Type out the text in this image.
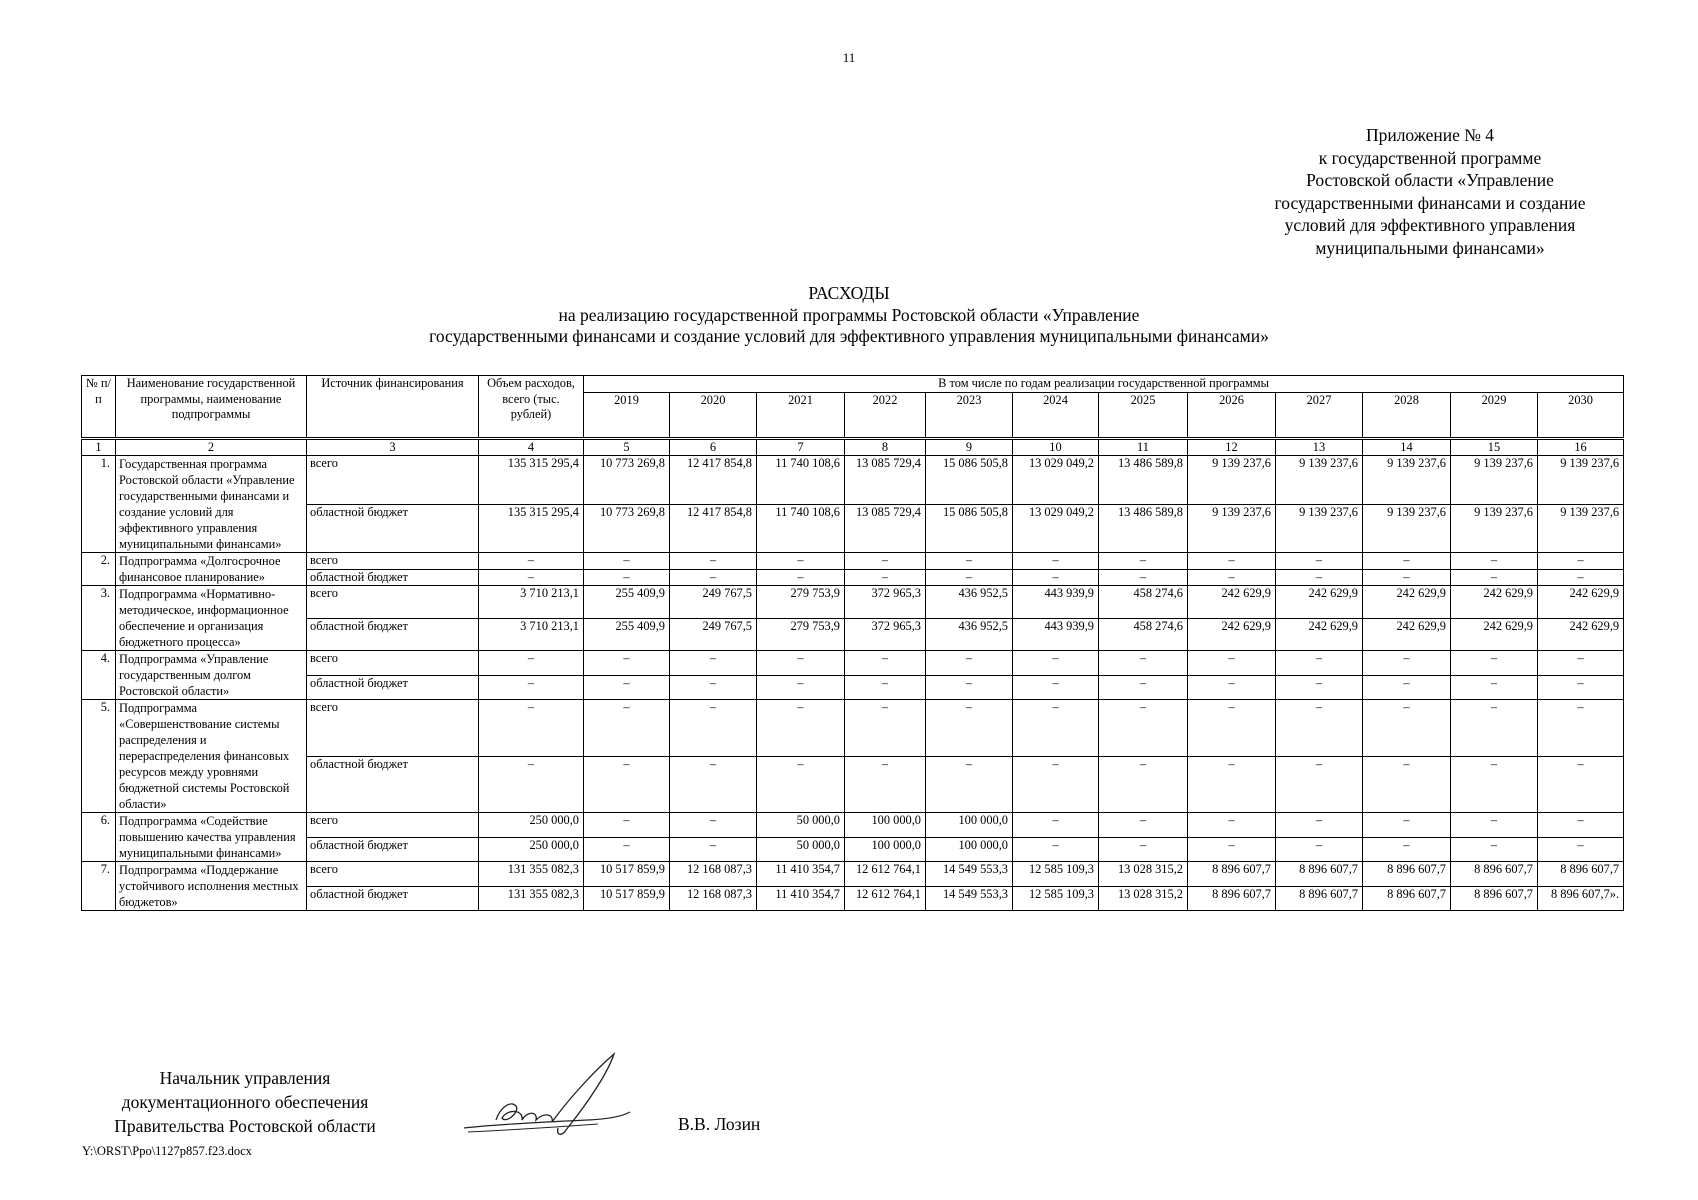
11
Приложение № 4
к государственной программе
Ростовской области «Управление
государственными финансами и создание
условий для эффективного управления
муниципальными финансами»
РАСХОДЫ
на реализацию государственной программы Ростовской области «Управление
государственными финансами и создание условий для эффективного управления муниципальными финансами»
№ п/п	Наименование государственной программы, наименование подпрограммы	Источник финансирования	Объем расходов, всего (тыс. рублей)	В том числе по годам реализации государственной программы											
				2019	2020	2021	2022	2023	2024	2025	2026	2027	2028	2029	2030
1	2	3	4	5	6	7	8	9	10	11	12	13	14	15	16
1.	Государственная программа Ростовской области «Управление государственными финансами и создание условий для эффективного управления муниципальными финансами»	всего	135 315 295,4	10 773 269,8	12 417 854,8	11 740 108,6	13 085 729,4	15 086 505,8	13 029 049,2	13 486 589,8	9 139 237,6	9 139 237,6	9 139 237,6	9 139 237,6	9 139 237,6
		областной бюджет	135 315 295,4	10 773 269,8	12 417 854,8	11 740 108,6	13 085 729,4	15 086 505,8	13 029 049,2	13 486 589,8	9 139 237,6	9 139 237,6	9 139 237,6	9 139 237,6	9 139 237,6
2.	Подпрограмма «Долгосрочное финансовое планирование»	всего	–	–	–	–	–	–	–	–	–	–	–	–	–
		областной бюджет	–	–	–	–	–	–	–	–	–	–	–	–	–
3.	Подпрограмма «Нормативно-методическое, информационное обеспечение и организация бюджетного процесса»	всего	3 710 213,1	255 409,9	249 767,5	279 753,9	372 965,3	436 952,5	443 939,9	458 274,6	242 629,9	242 629,9	242 629,9	242 629,9	242 629,9
		областной бюджет	3 710 213,1	255 409,9	249 767,5	279 753,9	372 965,3	436 952,5	443 939,9	458 274,6	242 629,9	242 629,9	242 629,9	242 629,9	242 629,9
4.	Подпрограмма «Управление государственным долгом Ростовской области»	всего	–	–	–	–	–	–	–	–	–	–	–	–	–
		областной бюджет	–	–	–	–	–	–	–	–	–	–	–	–	–
5.	Подпрограмма «Совершенствование системы распределения и перераспределения финансовых ресурсов между уровнями бюджетной системы Ростовской области»	всего	–	–	–	–	–	–	–	–	–	–	–	–	–
		областной бюджет	–	–	–	–	–	–	–	–	–	–	–	–	–
6.	Подпрограмма «Содействие повышению качества управления муниципальными финансами»	всего	250 000,0	–	–	50 000,0	100 000,0	100 000,0	–	–	–	–	–	–	–
		областной бюджет	250 000,0	–	–	50 000,0	100 000,0	100 000,0	–	–	–	–	–	–	–
7.	Подпрограмма «Поддержание устойчивого исполнения местных бюджетов»	всего	131 355 082,3	10 517 859,9	12 168 087,3	11 410 354,7	12 612 764,1	14 549 553,3	12 585 109,3	13 028 315,2	8 896 607,7	8 896 607,7	8 896 607,7	8 896 607,7	8 896 607,7
		областной бюджет	131 355 082,3	10 517 859,9	12 168 087,3	11 410 354,7	12 612 764,1	14 549 553,3	12 585 109,3	13 028 315,2	8 896 607,7	8 896 607,7	8 896 607,7	8 896 607,7	8 896 607,7».
Начальник управления
документационного обеспечения
Правительства Ростовской области	В.В. Лозин
Y:\ORST\Ppo\1127p857.f23.docx
